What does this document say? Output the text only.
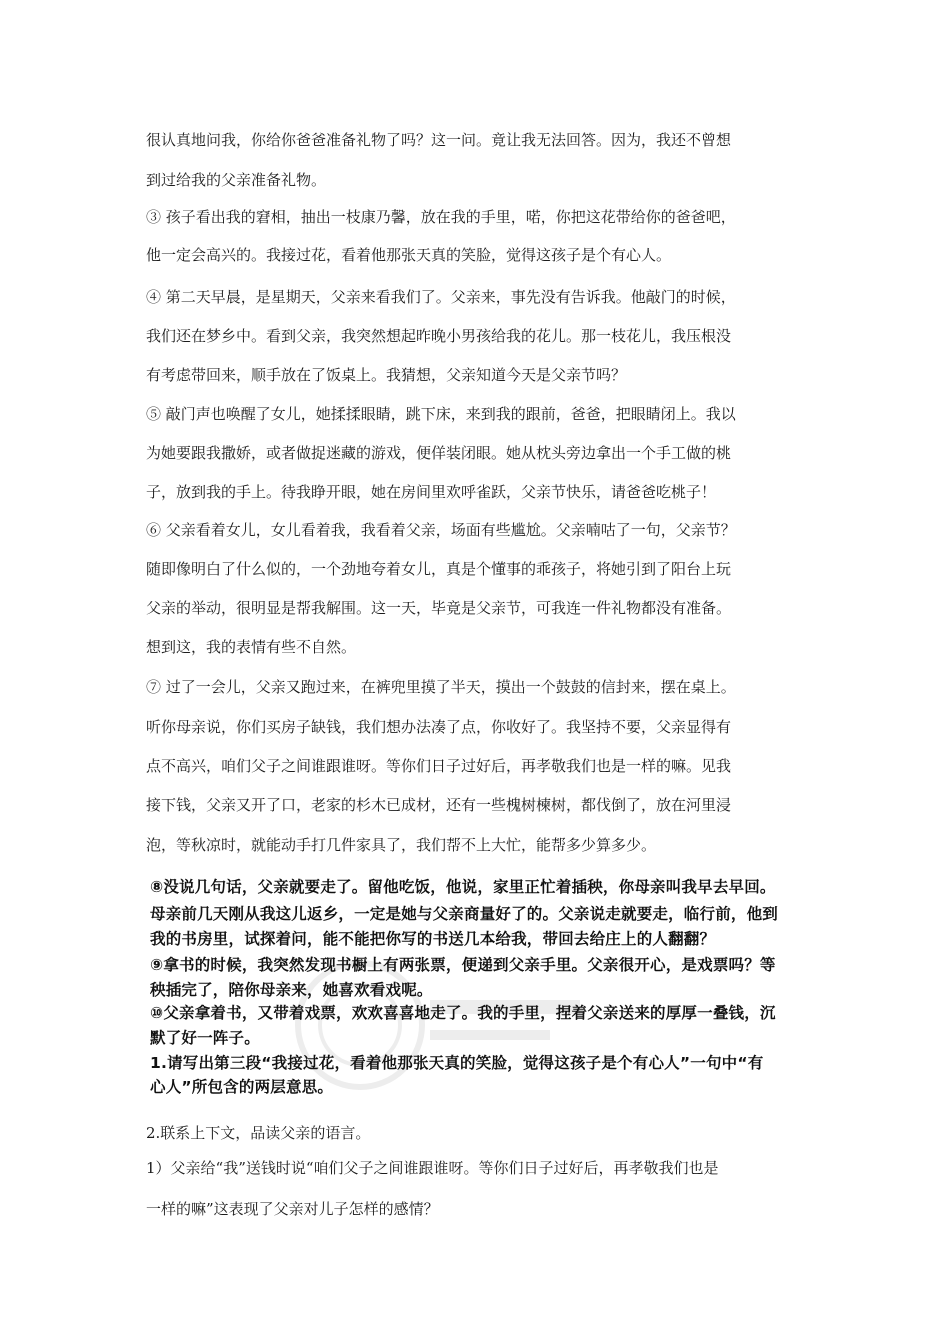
很认真地问我，你给你爸爸准备礼物了吗？这一问。竟让我无法回答。因为，我还不曾想
到过给我的父亲准备礼物。
③ 孩子看出我的窘相，抽出一枝康乃馨，放在我的手里，喏，你把这花带给你的爸爸吧，
他一定会高兴的。我接过花，看着他那张天真的笑脸，觉得这孩子是个有心人。
④ 第二天早晨，是星期天，父亲来看我们了。父亲来，事先没有告诉我。他敲门的时候，
我们还在梦乡中。看到父亲，我突然想起昨晚小男孩给我的花儿。那一枝花儿，我压根没
有考虑带回来，顺手放在了饭桌上。我猜想，父亲知道今天是父亲节吗？
⑤ 敲门声也唤醒了女儿，她揉揉眼睛，跳下床，来到我的跟前，爸爸，把眼睛闭上。我以
为她要跟我撒娇，或者做捉迷藏的游戏，便佯装闭眼。她从枕头旁边拿出一个手工做的桃
子，放到我的手上。待我睁开眼，她在房间里欢呼雀跃，父亲节快乐，请爸爸吃桃子！
⑥ 父亲看着女儿，女儿看着我，我看着父亲，场面有些尴尬。父亲喃咕了一句，父亲节？
随即像明白了什么似的，一个劲地夸着女儿，真是个懂事的乖孩子，将她引到了阳台上玩
父亲的举动，很明显是帮我解围。这一天，毕竟是父亲节，可我连一件礼物都没有准备。
想到这，我的表情有些不自然。
⑦ 过了一会儿，父亲又跑过来，在裤兜里摸了半天，摸出一个鼓鼓的信封来，摆在桌上。
听你母亲说，你们买房子缺钱，我们想办法凑了点，你收好了。我坚持不要，父亲显得有
点不高兴，咱们父子之间谁跟谁呀。等你们日子过好后，再孝敬我们也是一样的嘛。见我
接下钱，父亲又开了口，老家的杉木已成材，还有一些槐树楝树，都伐倒了，放在河里浸
泡，等秋凉时，就能动手打几件家具了，我们帮不上大忙，能帮多少算多少。
⑧没说几句话，父亲就要走了。留他吃饭，他说，家里正忙着插秧，你母亲叫我早去早回。
母亲前几天刚从我这儿返乡，一定是她与父亲商量好了的。父亲说走就要走，临行前，他到
我的书房里，试探着问，能不能把你写的书送几本给我，带回去给庄上的人翻翻？
⑨拿书的时候，我突然发现书橱上有两张票，便递到父亲手里。父亲很开心，是戏票吗？等
秧插完了，陪你母亲来，她喜欢看戏呢。
⑩父亲拿着书，又带着戏票，欢欢喜喜地走了。我的手里，捏着父亲送来的厚厚一叠钱，沉
默了好一阵子。
1.请写出第三段“我接过花，看着他那张天真的笑脸，觉得这孩子是个有心人”一句中“有
心人”所包含的两层意思。
2.联系上下文，品读父亲的语言。
1）父亲给“我”送钱时说“咱们父子之间谁跟谁呀。等你们日子过好后，再孝敬我们也是
一样的嘛”这表现了父亲对儿子怎样的感情？
